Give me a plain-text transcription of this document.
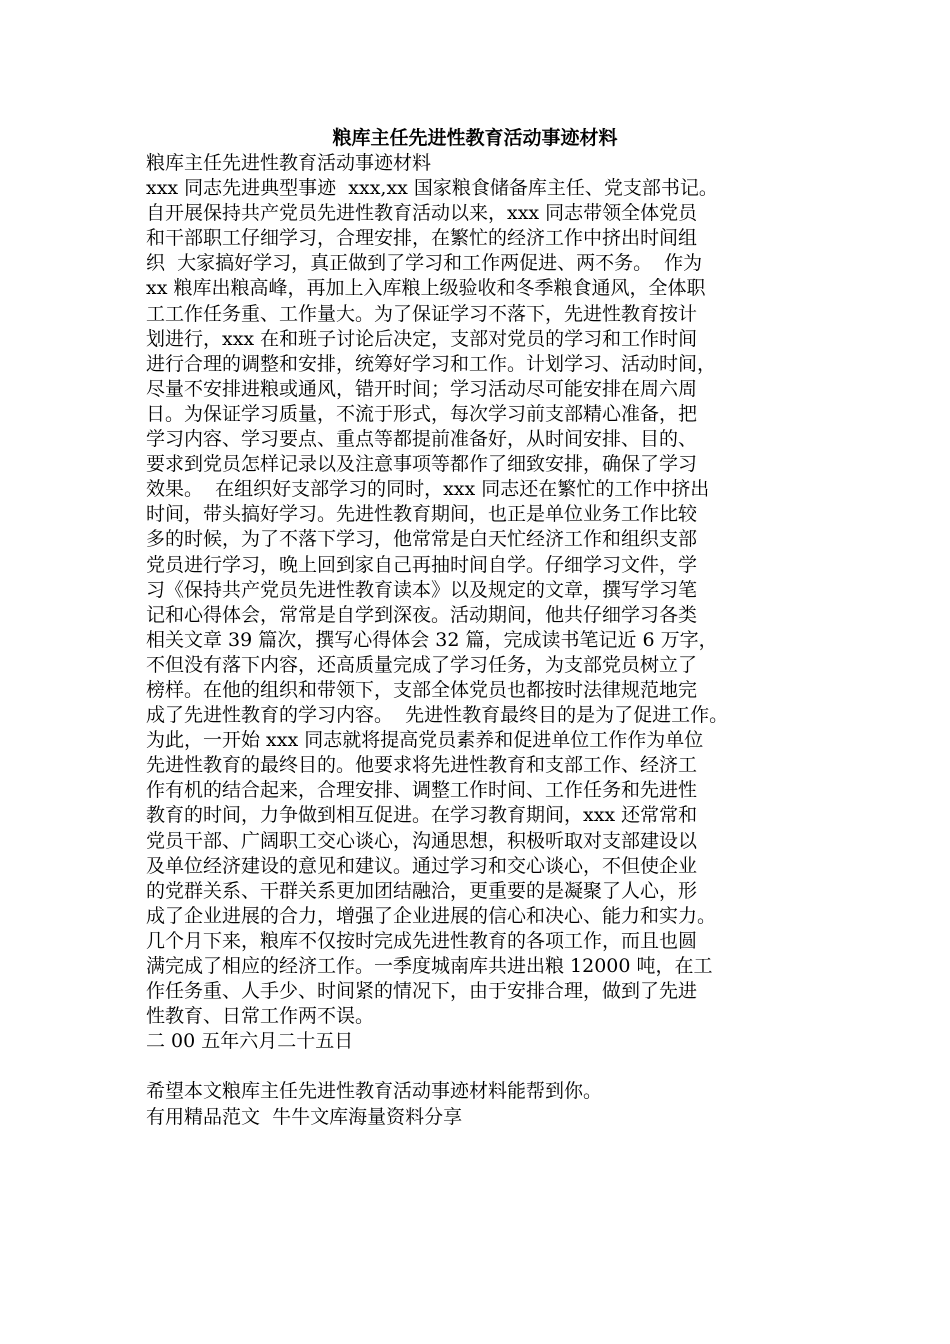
粮库主任先进性教育活动事迹材料
粮库主任先进性教育活动事迹材料
xxx 同志先进典型事迹  xxx,xx 国家粮食储备库主任、党支部书记。
自开展保持共产党员先进性教育活动以来，xxx 同志带领全体党员
和干部职工仔细学习，合理安排，在繁忙的经济工作中挤出时间组
织  大家搞好学习，真正做到了学习和工作两促进、两不务。  作为
xx 粮库出粮高峰，再加上入库粮上级验收和冬季粮食通风，全体职
工工作任务重、工作量大。为了保证学习不落下，先进性教育按计
划进行，xxx 在和班子讨论后决定，支部对党员的学习和工作时间
进行合理的调整和安排，统筹好学习和工作。计划学习、活动时间，
尽量不安排进粮或通风，错开时间；学习活动尽可能安排在周六周
日。为保证学习质量，不流于形式，每次学习前支部精心准备，把
学习内容、学习要点、重点等都提前准备好，从时间安排、目的、
要求到党员怎样记录以及注意事项等都作了细致安排，确保了学习
效果。  在组织好支部学习的同时，xxx 同志还在繁忙的工作中挤出
时间，带头搞好学习。先进性教育期间，也正是单位业务工作比较
多的时候，为了不落下学习，他常常是白天忙经济工作和组织支部
党员进行学习，晚上回到家自己再抽时间自学。仔细学习文件，学
习《保持共产党员先进性教育读本》以及规定的文章，撰写学习笔
记和心得体会，常常是自学到深夜。活动期间，他共仔细学习各类
相关文章 39 篇次，撰写心得体会 32 篇，完成读书笔记近 6 万字，
不但没有落下内容，还高质量完成了学习任务，为支部党员树立了
榜样。在他的组织和带领下，支部全体党员也都按时法律规范地完
成了先进性教育的学习内容。  先进性教育最终目的是为了促进工作。
为此，一开始 xxx 同志就将提高党员素养和促进单位工作作为单位
先进性教育的最终目的。他要求将先进性教育和支部工作、经济工
作有机的结合起来，合理安排、调整工作时间、工作任务和先进性
教育的时间，力争做到相互促进。在学习教育期间，xxx 还常常和
党员干部、广阔职工交心谈心，沟通思想，积极听取对支部建设以
及单位经济建设的意见和建议。通过学习和交心谈心，不但使企业
的党群关系、干群关系更加团结融洽，更重要的是凝聚了人心，形
成了企业进展的合力，增强了企业进展的信心和决心、能力和实力。
几个月下来，粮库不仅按时完成先进性教育的各项工作，而且也圆
满完成了相应的经济工作。一季度城南库共进出粮 12000 吨，在工
作任务重、人手少、时间紧的情况下，由于安排合理，做到了先进
性教育、日常工作两不误。
二 00 五年六月二十五日
希望本文粮库主任先进性教育活动事迹材料能帮到你。
有用精品范文  牛牛文库海量资料分享
